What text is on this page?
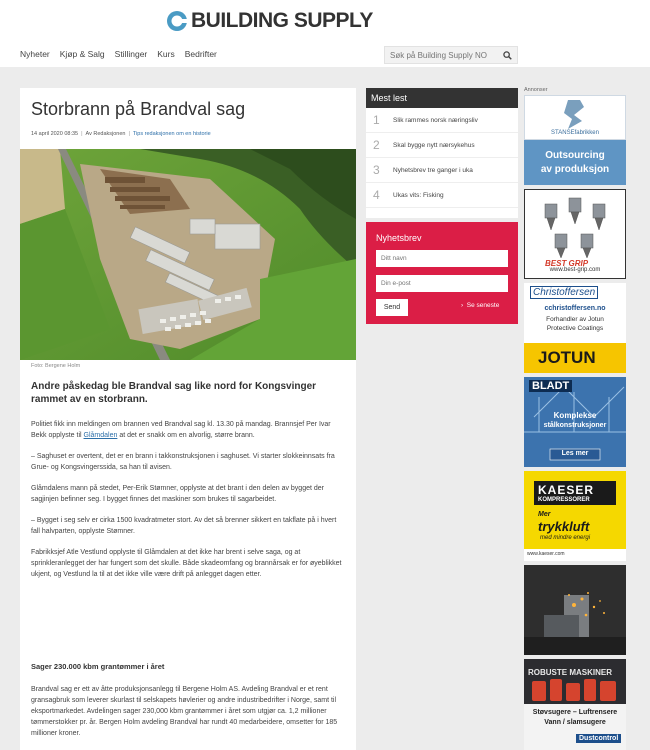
BUILDING SUPPLY
Nyheter Kjøp & Salg Stillinger Kurs Bedrifter
Søk på Building Supply NO
Storbrann på Brandval sag
14 april 2020 08:35 | Av Redaksjonen | Tips redaksjonen om en historie
Foto: Bergene Holm
Andre påskedag ble Brandval sag like nord for Kongsvinger rammet av en storbrann.

Politiet fikk inn meldingen om brannen ved Brandval sag kl. 13.30 på mandag. Brannsjef Per Ivar Bekk opplyste til Glåmdalen at det er snakk om en alvorlig, større brann.

– Saghuset er overtent, det er en brann i takkonstruksjonen i saghuset. Vi starter slokkeinnsats fra Grue- og Kongsvingerssida, sa han til avisen.

Glåmdalens mann på stedet, Per-Erik Stømner, opplyste at det brant i den delen av bygget der sagjinjen befinner seg. I bygget finnes det maskiner som brukes til sagarbeidet.

– Bygget i seg selv er cirka 1500 kvadratmeter stort. Av det så brenner sikkert en takflate på i hvert fall halvparten, opplyste Stømner.

Fabrikksjef Atle Vestlund opplyste til Glåmdalen at det ikke har brent i selve saga, og at sprinkleranlegget der har fungert som det skulle. Både skadeomfang og brannårsak er for øyeblikket ukjent, og Vestlund la til at det ikke ville være drift på anlegget dagen etter.

Sager 230.000 kbm grantømmer i året
Brandval sag er ett av åtte produksjonsanlegg til Bergene Holm AS. Avdeling Brandval er et rent gransagbruk som leverer skurlast til selskapets høvlerier og andre industribedrifter i Norge, samt til eksportmarkedet. Avdelingen sager 230,000 kbm grantømmer i året som utgjør ca. 1,2 millioner tømmerstokker pr. år. Bergen Holm avdeling Brandval har rundt 40 medarbeidere, omsetter for 185 millioner kroner.
Mest lest
1	Slik rammes norsk næringsliv
2	Skal bygge nytt nærsykehus
3	Nyhetsbrev tre ganger i uka
4	Ukas vits: Fisking
Nyhetsbrev
Ditt navn
Din e-post
Send	›  Se seneste
Annonser
STANSEfabrikken
Outsourcing
av produksjon
BEST GRIP
www.best-grip.com
Christoffersen
cchristoffersen.no
Forhandler av Jotun
Protective Coatings
JOTUN
BLADT
Komplekse
stålkonstruksjoner
Les mer
KAESER
KOMPRESSORER
Mer
trykkluft
med mindre energi
www.kaeser.com
ROBUSTE MASKINER
Støvsugere – Luftrensere
Vann / slamsugere
Dustcontrol
